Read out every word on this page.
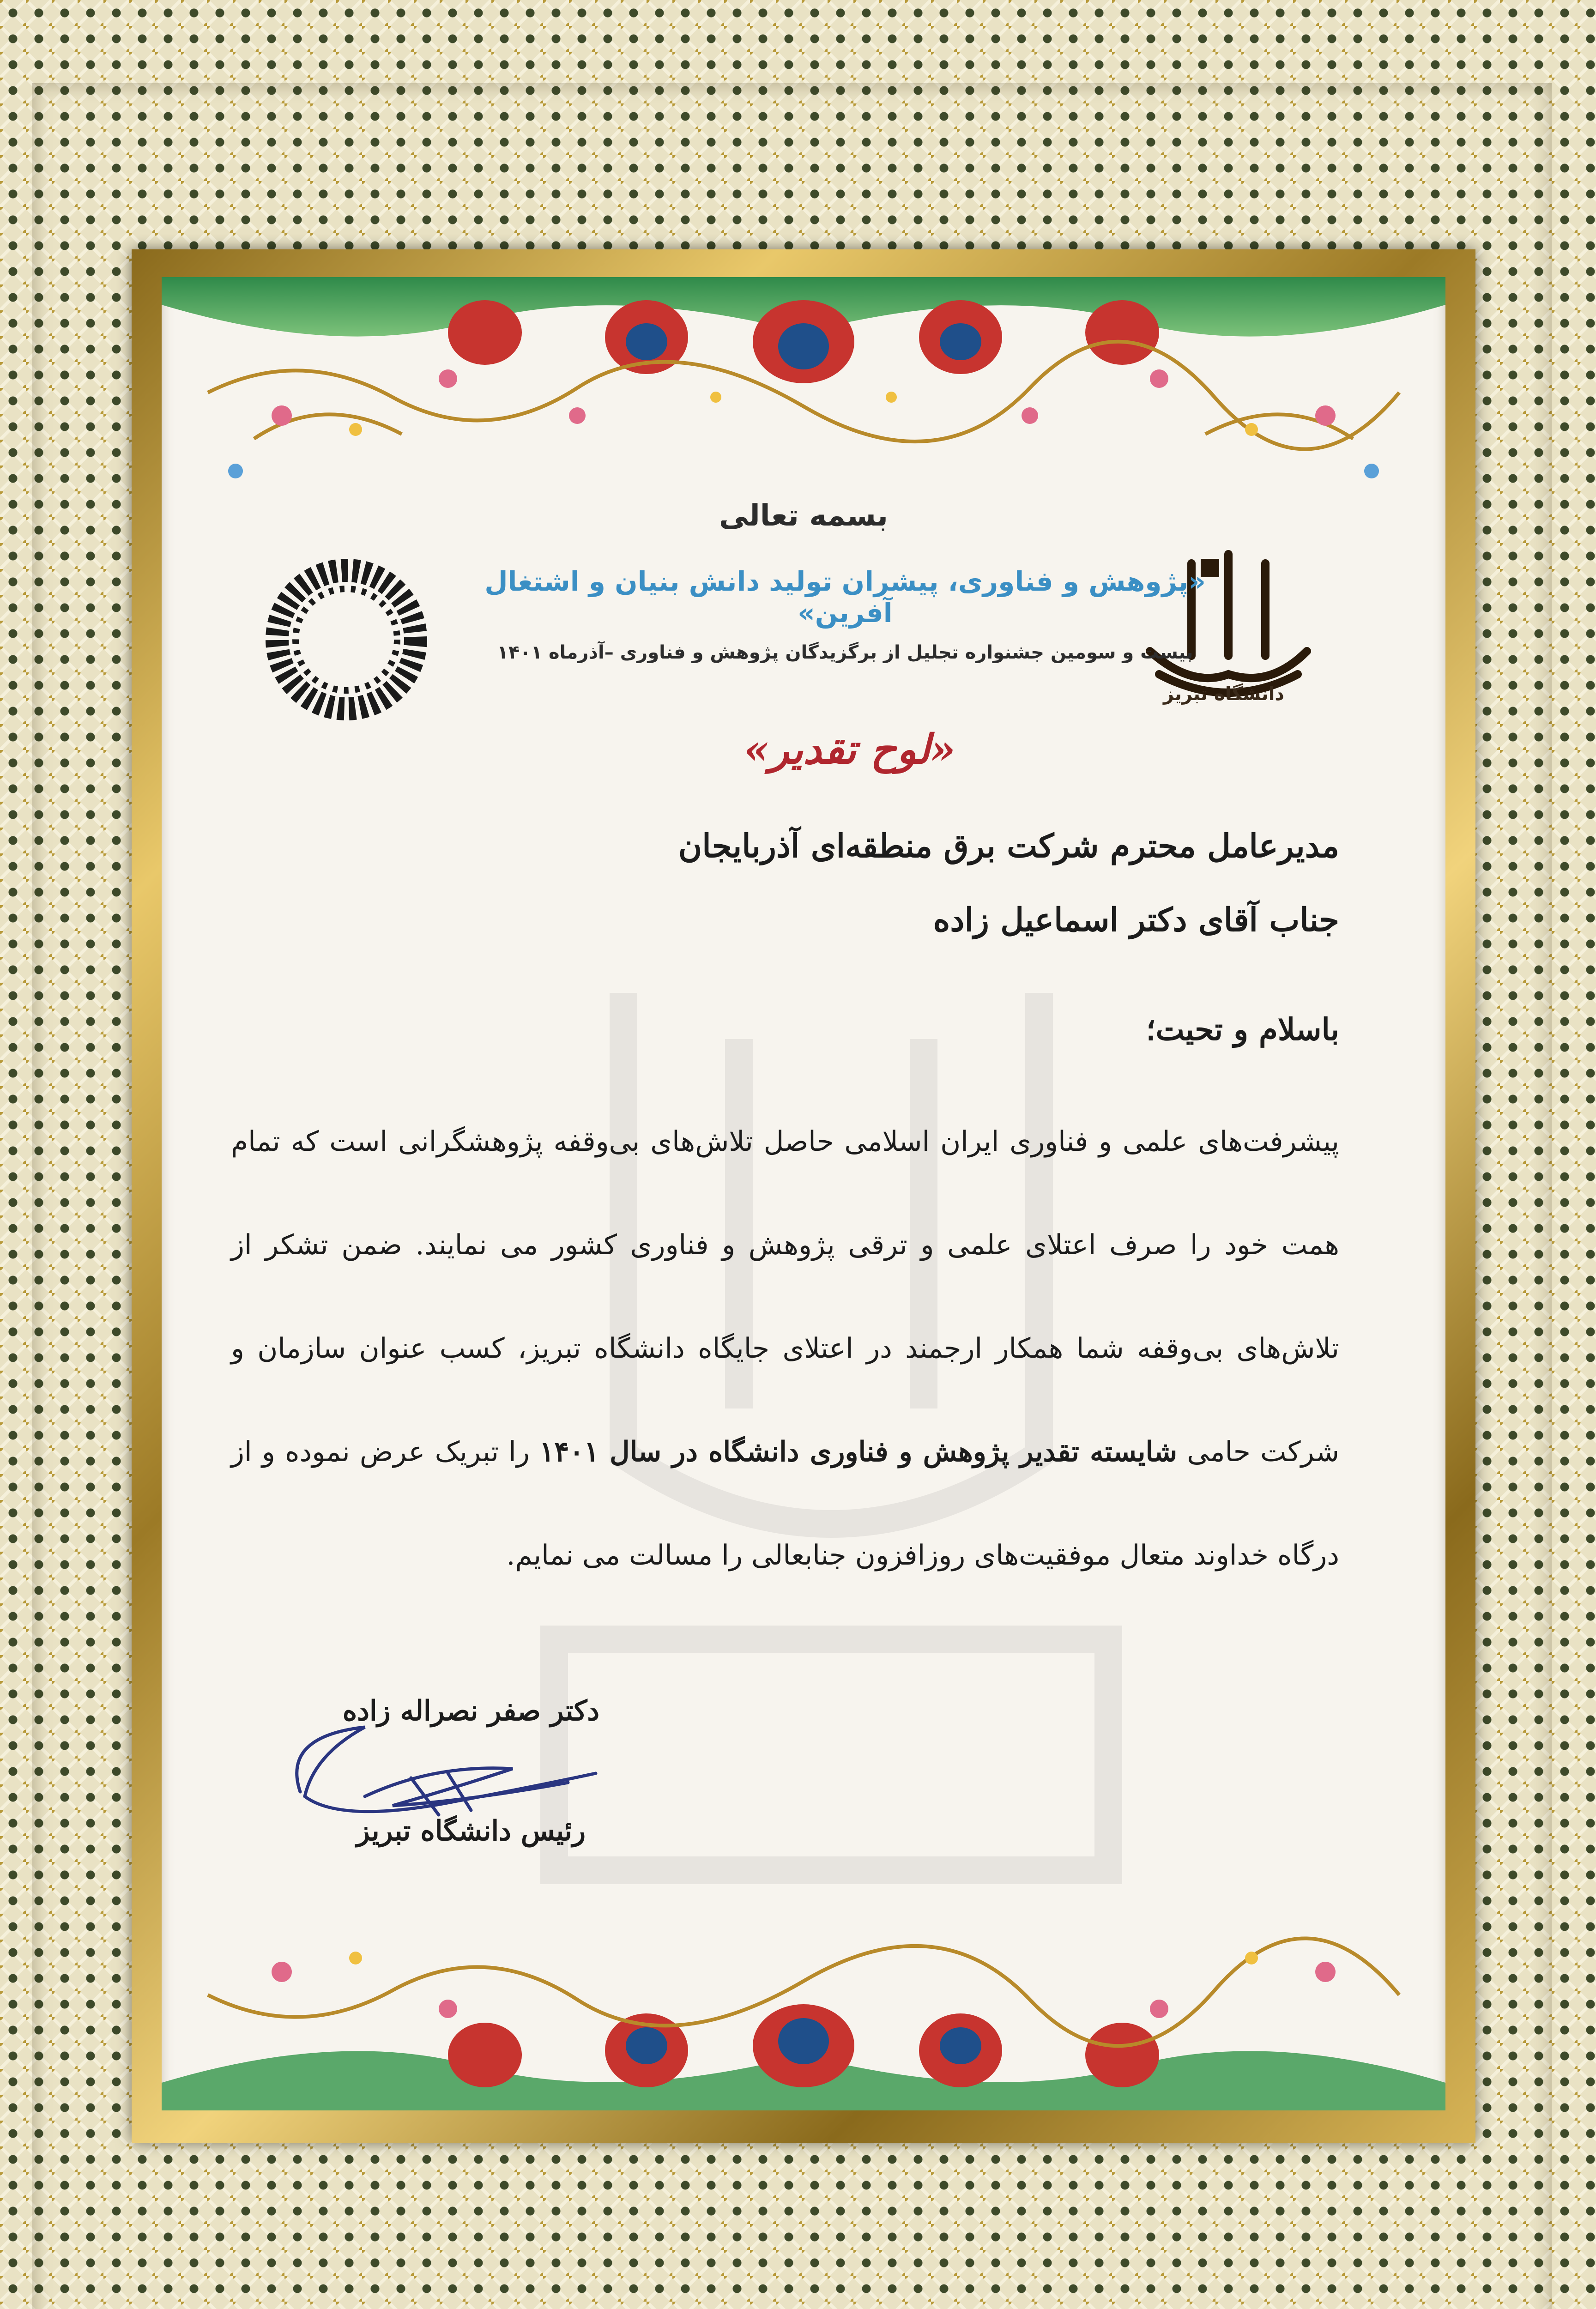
دانشگاه تبریز
بسمه تعالی
«پژوهش و فناوری، پیشران تولید دانش بنیان و اشتغال آفرین»
بیست و سومین جشنواره تجلیل از برگزیدگان پژوهش و فناوری –آذرماه ۱۴۰۱
«لوح تقدیر»
مدیرعامل محترم شرکت برق منطقه‌ای آذربایجان
جناب آقای دکتر اسماعیل زاده
باسلام و تحیت؛
پیشرفت‌های علمی و فناوری ایران اسلامی حاصل تلاش‌های بی‌وقفه پژوهشگرانی است که تمام همت خود را صرف اعتلای علمی و ترقی پژوهش و فناوری کشور می نمایند. ضمن تشکر از تلاش‌های بی‌وقفه شما همکار ارجمند در اعتلای جایگاه دانشگاه تبریز، کسب عنوان سازمان و شرکت حامی شایسته تقدیر پژوهش و فناوری دانشگاه در سال ۱۴۰۱ را تبریک عرض نموده و از درگاه خداوند متعال موفقیت‌های روزافزون جنابعالی را مسالت می نمایم.
دکتر صفر نصراله زاده
رئیس دانشگاه تبریز
